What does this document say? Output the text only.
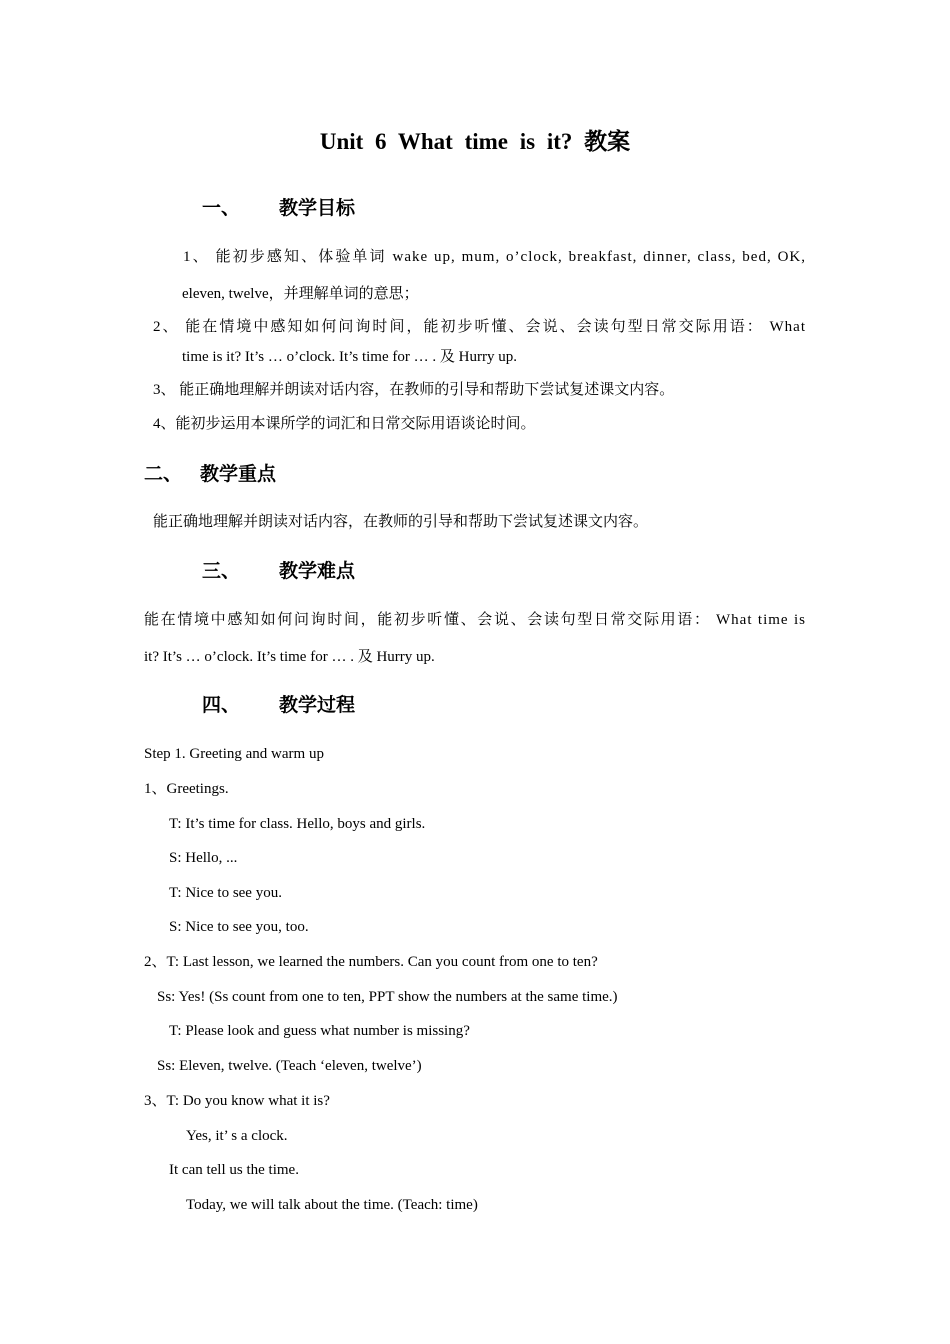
Unit 6 What time is it? 教案
一、 教学目标
1、 能初步感知、体验单词 wake up, mum, o’clock, breakfast, dinner, class, bed, OK,
eleven, twelve，并理解单词的意思；
2、 能在情境中感知如何问询时间，能初步听懂、会说、会读句型日常交际用语： What
time is it? It’s … o’clock. It’s time for … . 及 Hurry up.
3、 能正确地理解并朗读对话内容，在教师的引导和帮助下尝试复述课文内容。
4、能初步运用本课所学的词汇和日常交际用语谈论时间。
二、 教学重点
能正确地理解并朗读对话内容，在教师的引导和帮助下尝试复述课文内容。
三、 教学难点
能在情境中感知如何问询时间，能初步听懂、会说、会读句型日常交际用语： What time is
it? It’s … o’clock. It’s time for … . 及 Hurry up.
四、 教学过程
Step 1. Greeting and warm up
1、Greetings.
T: It’s time for class. Hello, boys and girls.
S: Hello, ...
T: Nice to see you.
S: Nice to see you, too.
2、T: Last lesson, we learned the numbers. Can you count from one to ten?
Ss: Yes! (Ss count from one to ten, PPT show the numbers at the same time.)
T: Please look and guess what number is missing?
Ss: Eleven, twelve. (Teach ‘eleven, twelve’)
3、T: Do you know what it is?
Yes, it’ s a clock.
It can tell us the time.
Today, we will talk about the time. (Teach: time)
